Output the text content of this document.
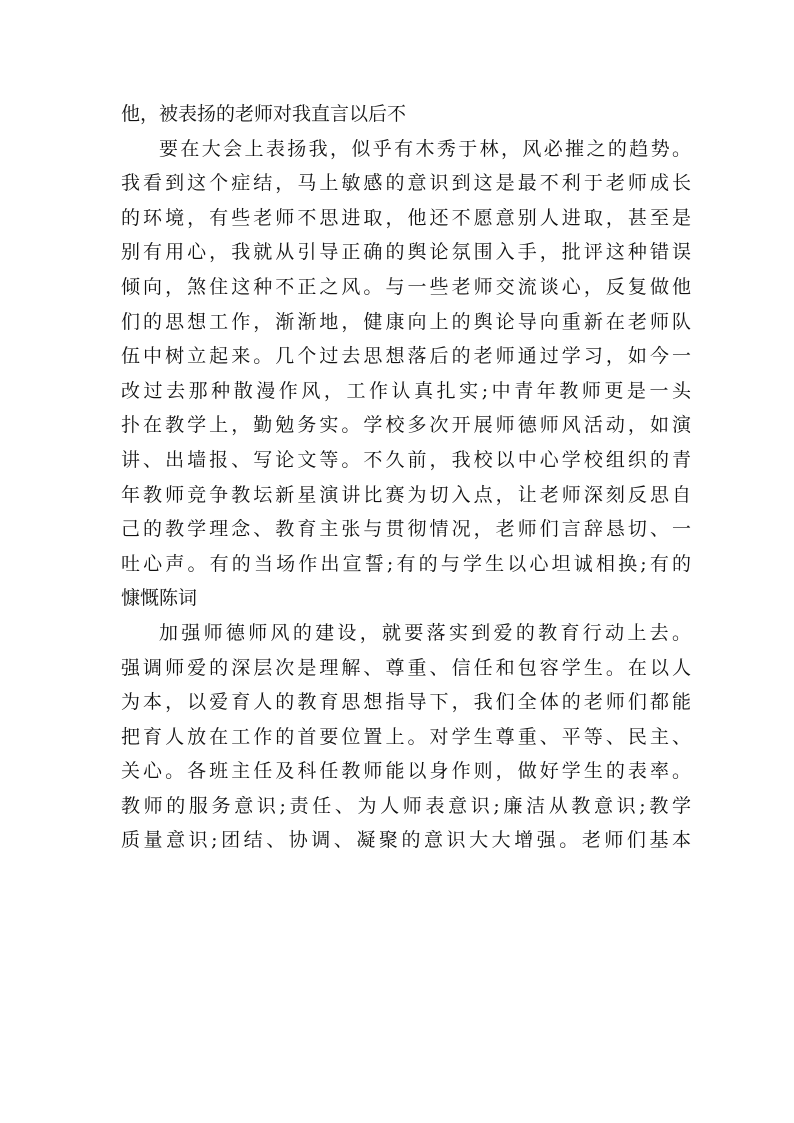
他，被表扬的老师对我直言以后不
要在大会上表扬我，似乎有木秀于林，风必摧之的趋势。
我看到这个症结，马上敏感的意识到这是最不利于老师成长
的环境，有些老师不思进取，他还不愿意别人进取，甚至是
别有用心，我就从引导正确的舆论氛围入手，批评这种错误
倾向，煞住这种不正之风。与一些老师交流谈心，反复做他
们的思想工作，渐渐地，健康向上的舆论导向重新在老师队
伍中树立起来。几个过去思想落后的老师通过学习，如今一
改过去那种散漫作风，工作认真扎实;中青年教师更是一头
扑在教学上，勤勉务实。学校多次开展师德师风活动，如演
讲、出墙报、写论文等。不久前，我校以中心学校组织的青
年教师竞争教坛新星演讲比赛为切入点，让老师深刻反思自
己的教学理念、教育主张与贯彻情况，老师们言辞恳切、一
吐心声。有的当场作出宣誓;有的与学生以心坦诚相换;有的
慷慨陈词
加强师德师风的建设，就要落实到爱的教育行动上去。
强调师爱的深层次是理解、尊重、信任和包容学生。在以人
为本，以爱育人的教育思想指导下，我们全体的老师们都能
把育人放在工作的首要位置上。对学生尊重、平等、民主、
关心。各班主任及科任教师能以身作则，做好学生的表率。
教师的服务意识;责任、为人师表意识;廉洁从教意识;教学
质量意识;团结、协调、凝聚的意识大大增强。老师们基本
